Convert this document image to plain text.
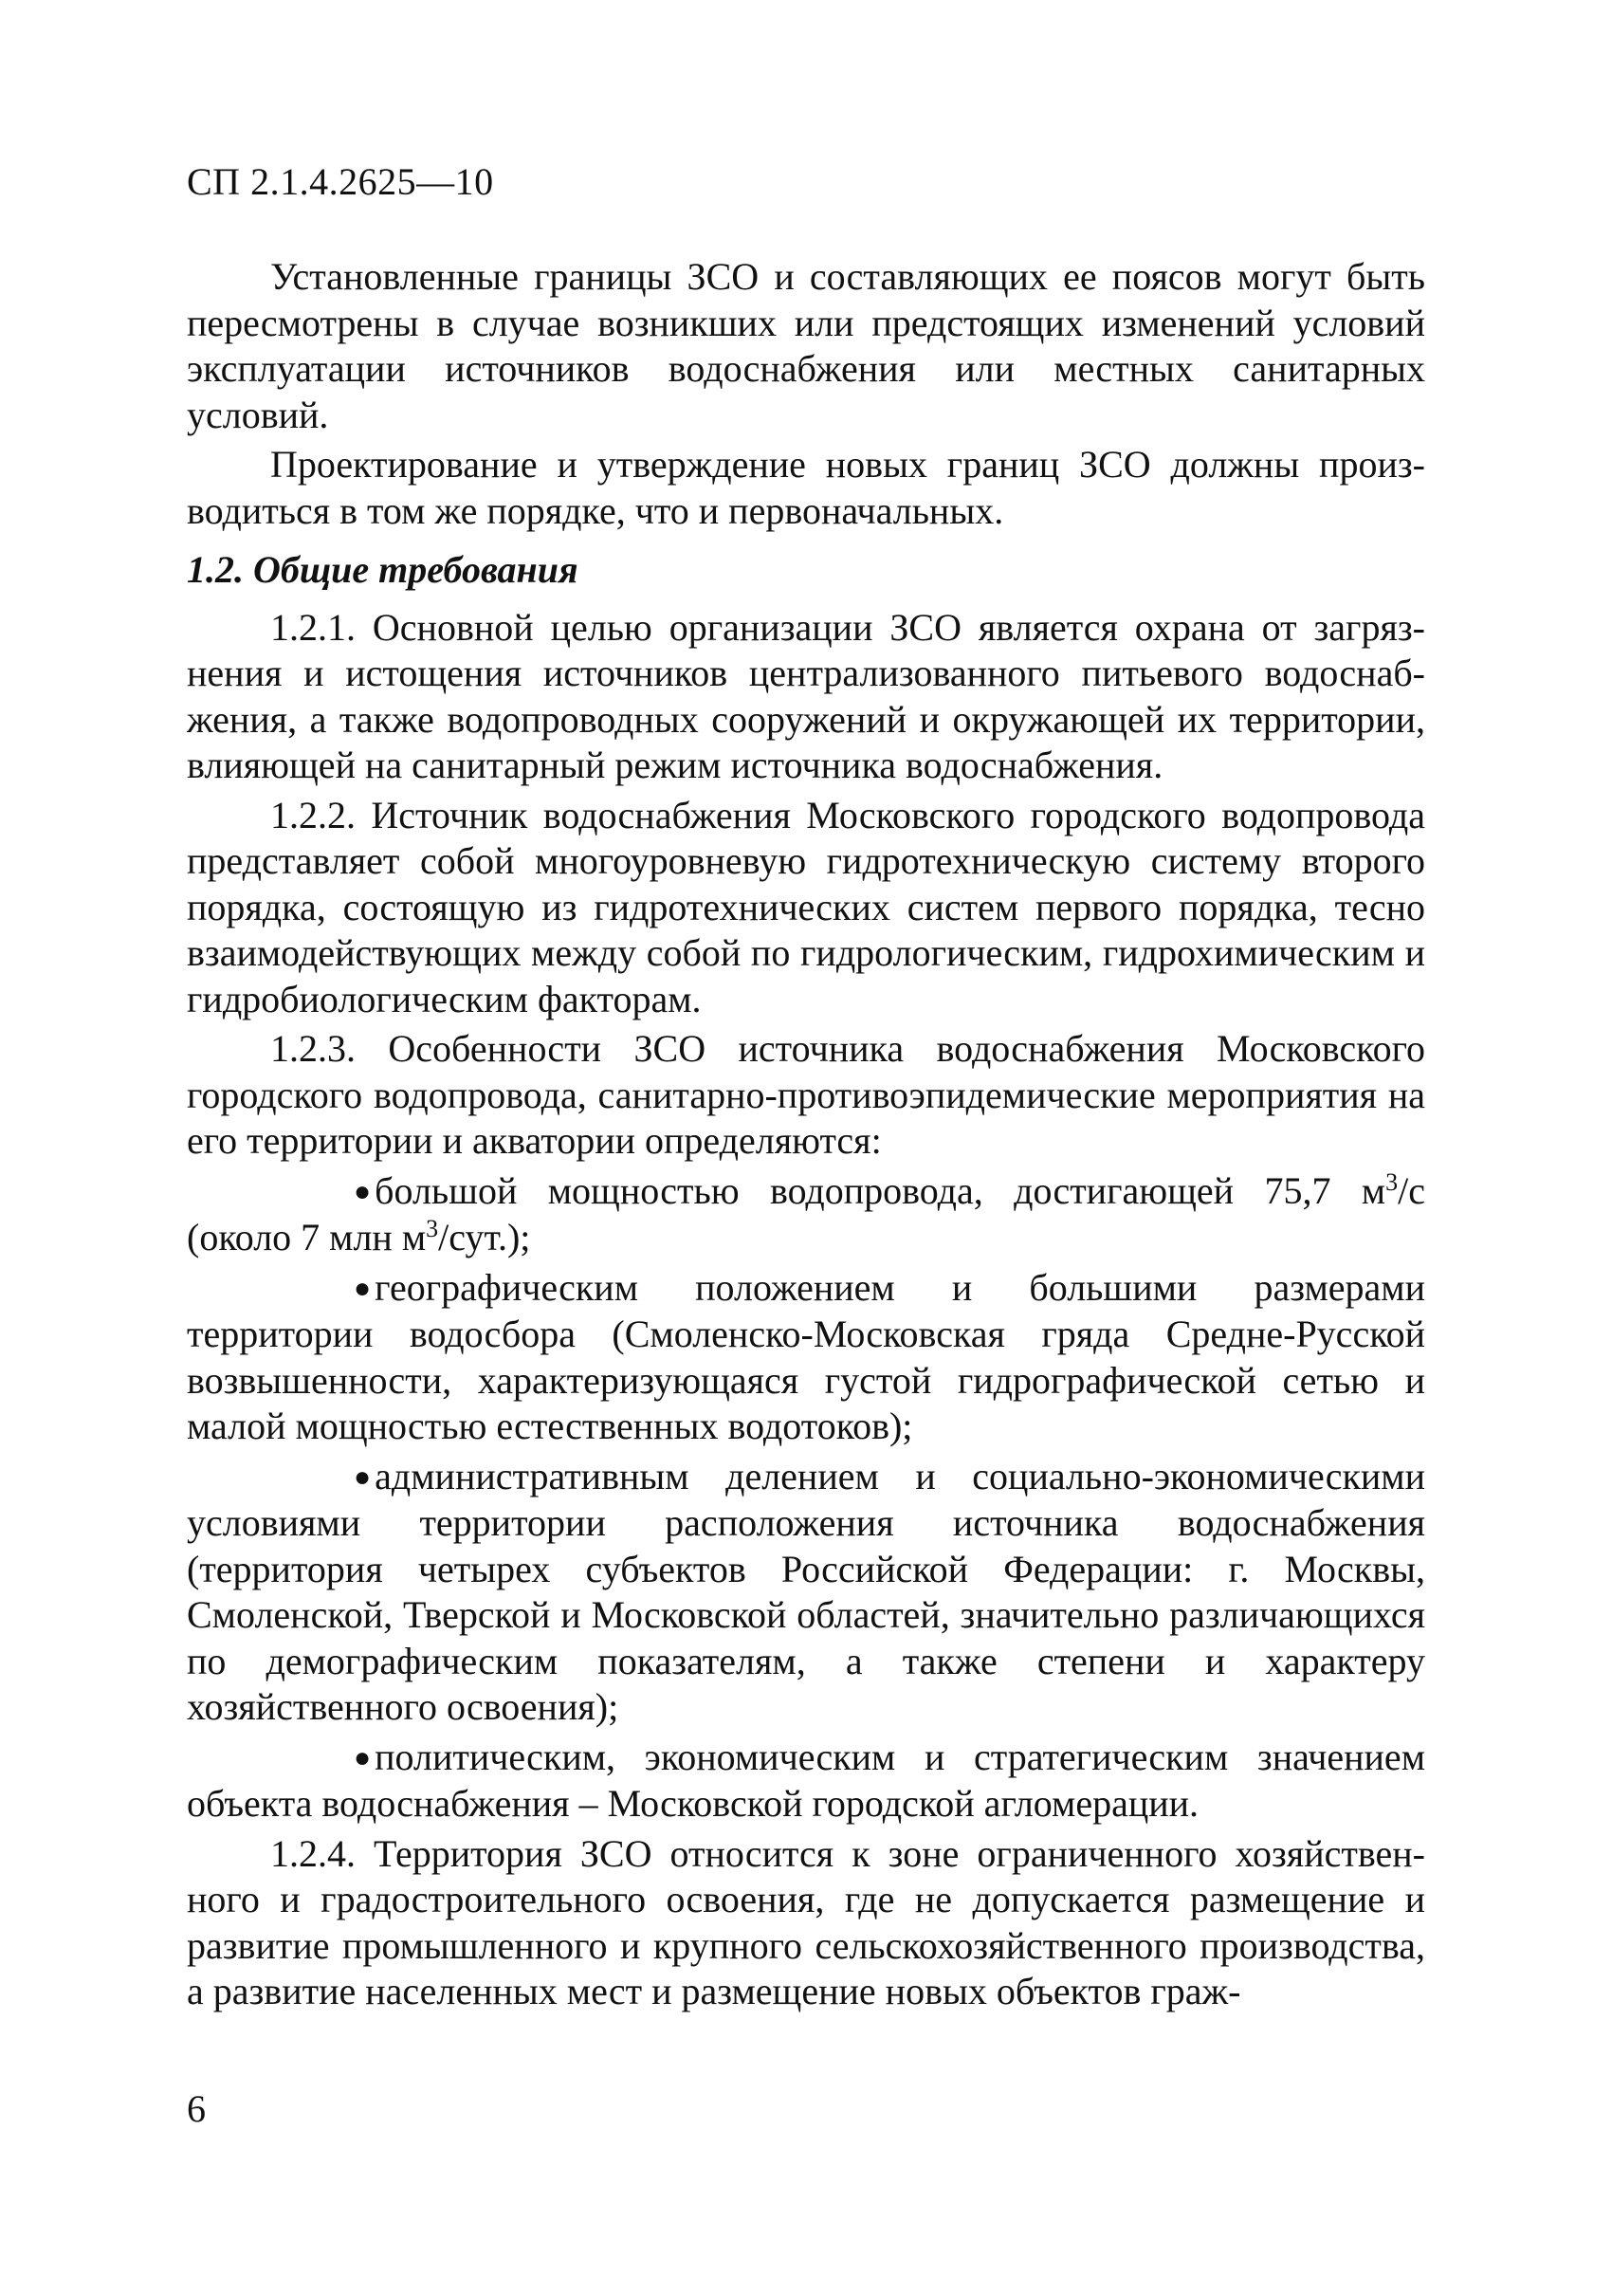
СП 2.1.4.2625—10

Установленные границы ЗСО и составляющих ее поясов могут быть пересмотрены в случае возникших или предстоящих изменений условий эксплуатации источников водоснабжения или местных санитарных условий.

Проектирование и утверждение новых границ ЗСО должны производиться в том же порядке, что и первоначальных.

1.2. Общие требования

1.2.1. Основной целью организации ЗСО является охрана от загрязнения и истощения источников централизованного питьевого водоснабжения, а также водопроводных сооружений и окружающей их территории, влияющей на санитарный режим источника водоснабжения.

1.2.2. Источник водоснабжения Московского городского водопровода представляет собой многоуровневую гидротехническую систему второго порядка, состоящую из гидротехнических систем первого порядка, тесно взаимодействующих между собой по гидрологическим, гидрохимическим и гидробиологическим факторам.

1.2.3. Особенности ЗСО источника водоснабжения Московского городского водопровода, санитарно-противоэпидемические мероприятия на его территории и акватории определяются:

● большой мощностью водопровода, достигающей 75,7 $м^3/с$ (около 7 млн $м^3/сут$.);

● географическим положением и большими размерами территории водосбора (Смоленско-Московская гряда Средне-Русской возвышенности, характеризующаяся густой гидрографической сетью и малой мощностью естественных водотоков);

● административным делением и социально-экономическими условиями территории расположения источника водоснабжения (территория четырех субъектов Российской Федерации: г. Москвы, Смоленской, Тверской и Московской областей, значительно различающихся по демографическим показателям, а также степени и характеру хозяйственного освоения);

● политическим, экономическим и стратегическим значением объекта водоснабжения – Московской городской агломерации.

1.2.4. Территория ЗСО относится к зоне ограниченного хозяйственного и градостроительного освоения, где не допускается размещение и развитие промышленного и крупного сельскохозяйственного производства, а развитие населенных мест и размещение новых объектов граж-

6
